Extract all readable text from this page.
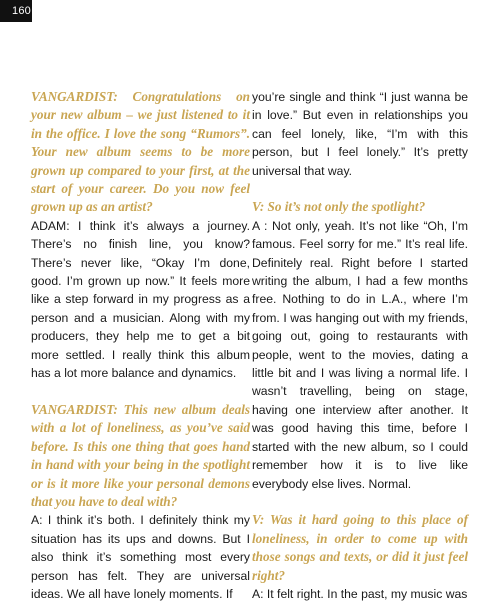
160

VANGARDIST: Congratulations on your new album – we just listened to it in the office. I love the song “Rumors”. Your new album seems to be more grown up compared to your first, at the start of your career. Do you now feel grown up as an artist?

ADAM: I think it’s always a journey. There’s no finish line, you know? There’s never like, “Okay I’m done, good. I’m grown up now.” It feels more like a step forward in my progress as a person and a musician. Along with my producers, they help me to get a bit more settled. I really think this album has a lot more balance and dynamics.

VANGARDIST: This new album deals with a lot of loneliness, as you’ve said before. Is this one thing that goes hand in hand with your being in the spotlight or is it more like your personal demons that you have to deal with?

A: I think it’s both. I definitely think my situation has its ups and downs. But I also think it’s something most every person has felt. They are universal ideas. We all have lonely moments. If

you’re single and think “I just wanna be in love.” But even in relationships you can feel lonely, like, “I’m with this person, but I feel lonely.” It’s pretty universal that way.

V: So it’s not only the spotlight?

A : Not only, yeah. It’s not like “Oh, I’m famous. Feel sorry for me.” It’s real life. Definitely real. Right before I started writing the album, I had a few months free. Nothing to do in L.A., where I’m from. I was hanging out with my friends, going out, going to restaurants with people, went to the movies, dating a little bit and I was living a normal life. I wasn’t travelling, being on stage, having one interview after another. It was good having this time, before I started with the new album, so I could remember how it is to live like everybody else lives. Normal.

V: Was it hard going to this place of loneliness, in order to come up with those songs and texts, or did it just feel right?

A: It felt right. In the past, my music was
